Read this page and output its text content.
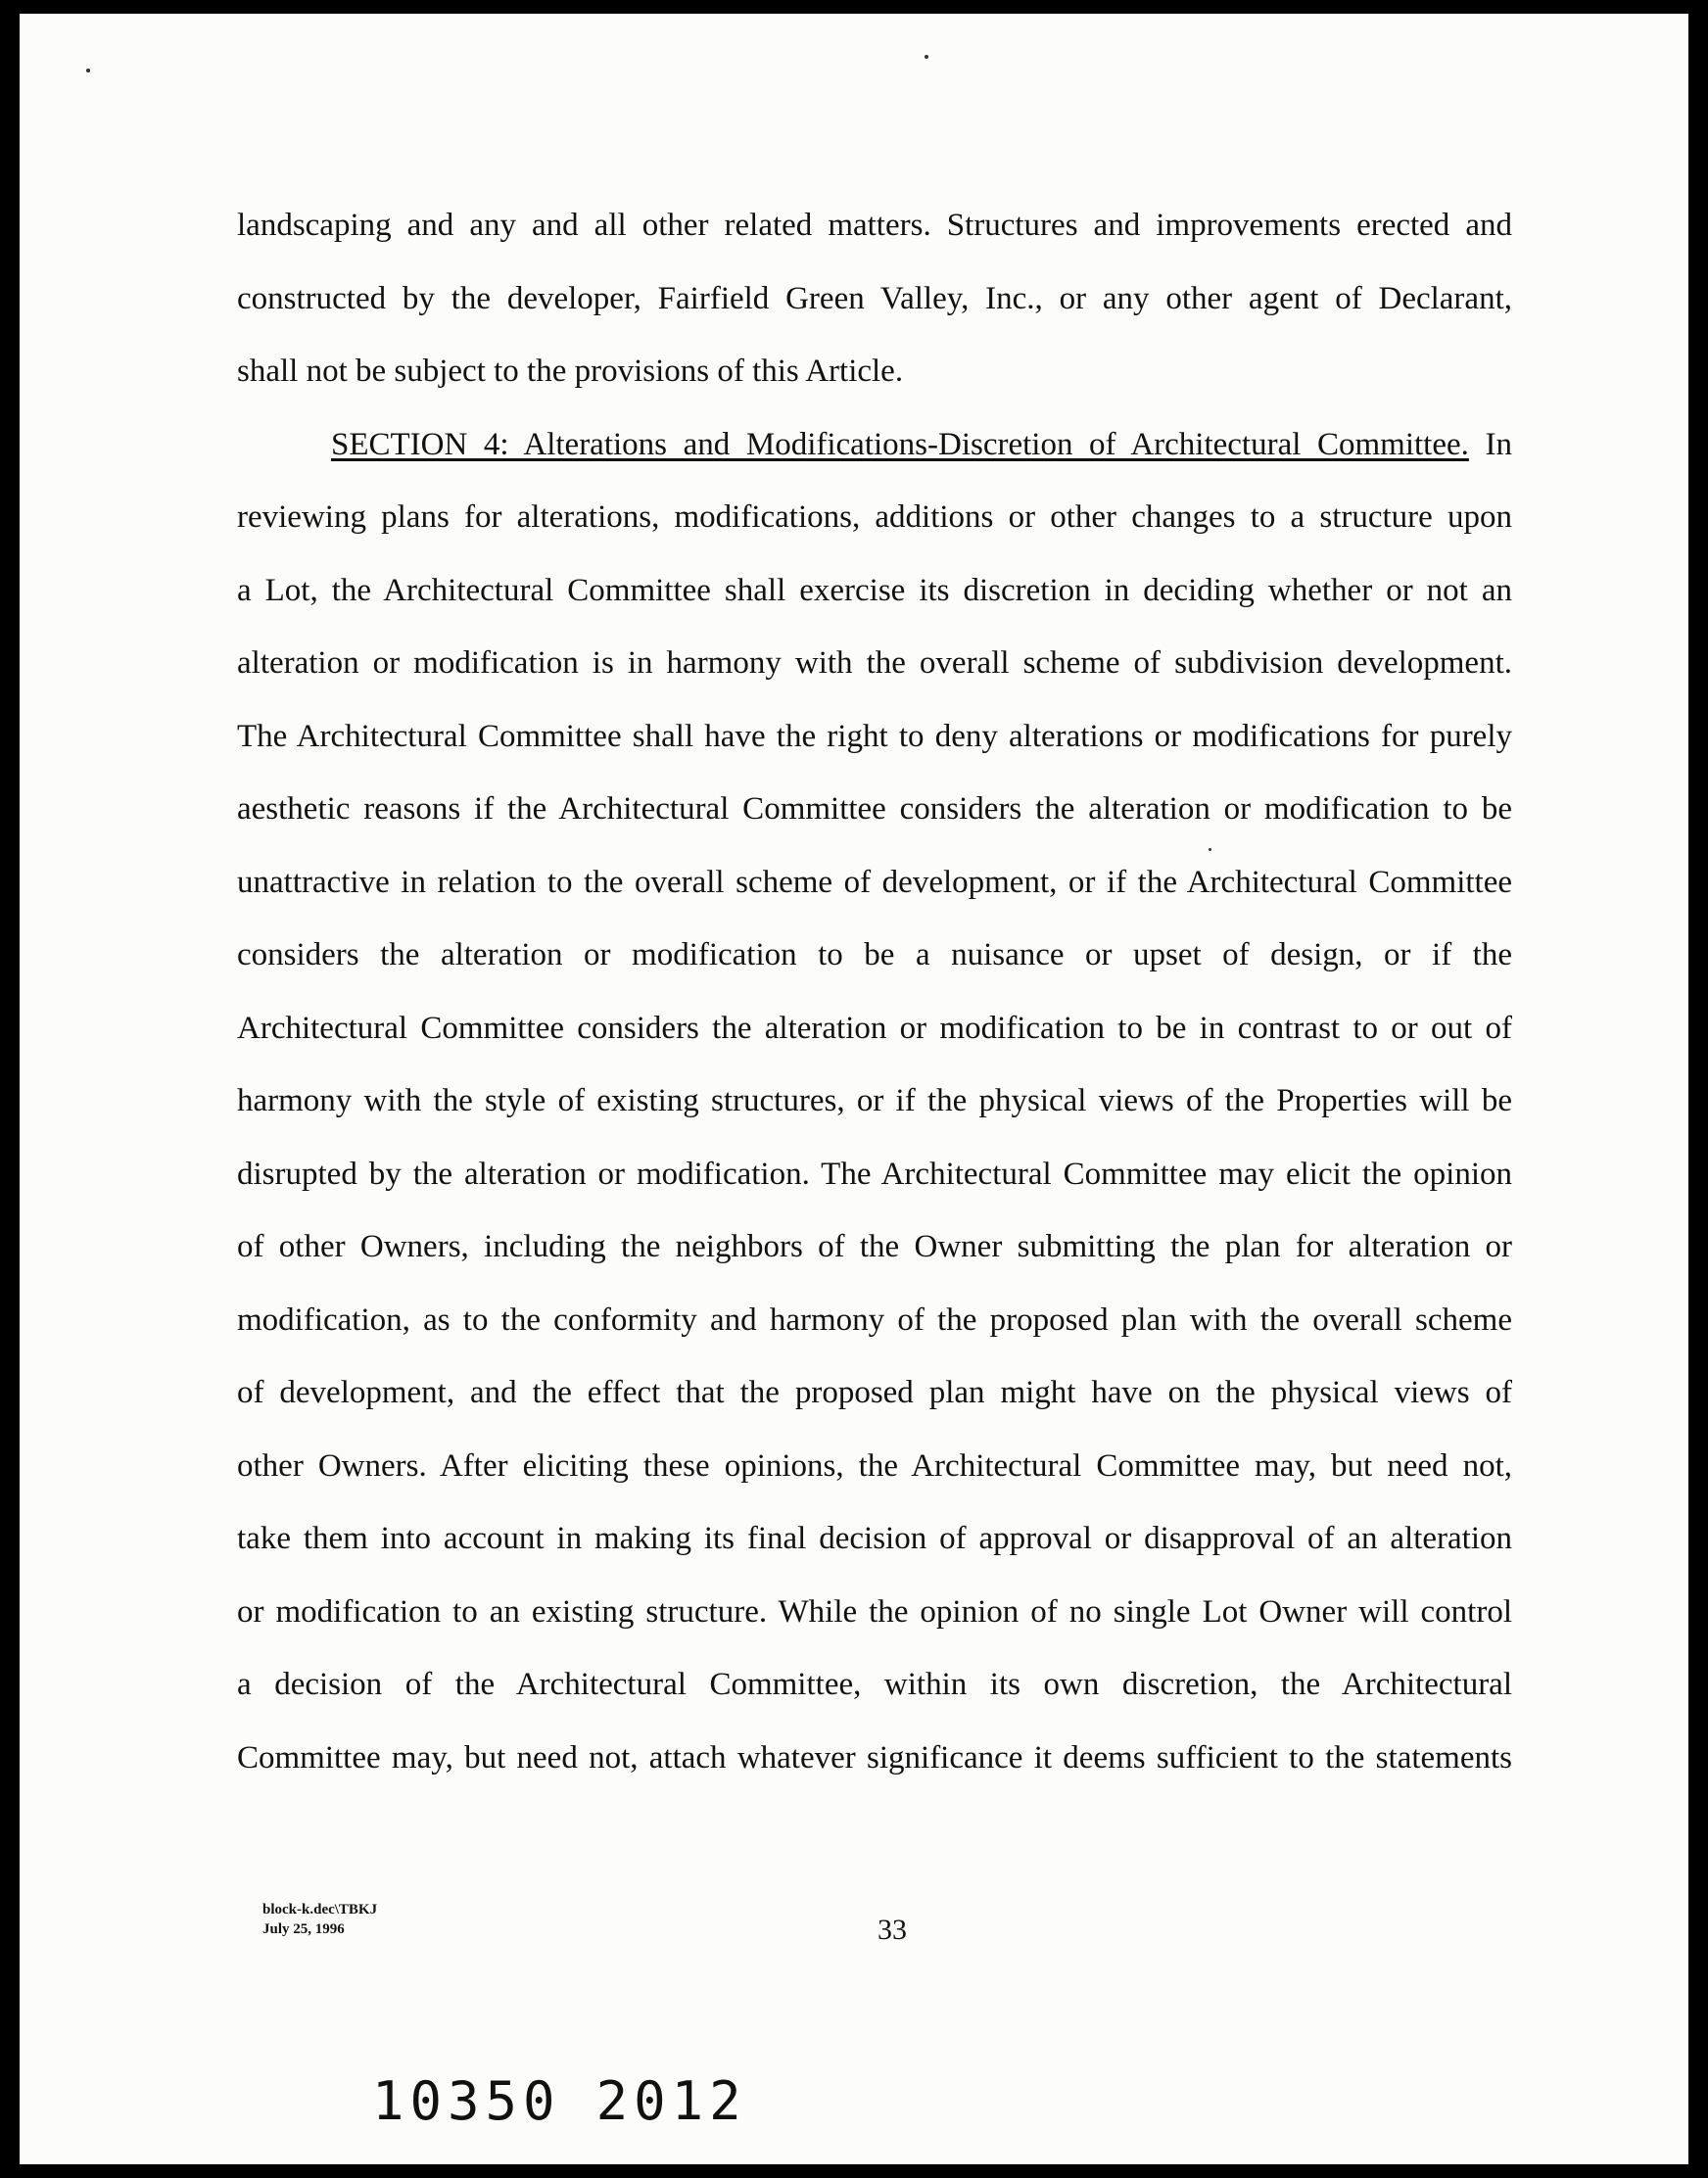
landscaping and any and all other related matters. Structures and improvements erected and
constructed by the developer, Fairfield Green Valley, Inc., or any other agent of Declarant,
shall not be subject to the provisions of this Article.
SECTION 4: Alterations and Modifications-Discretion of Architectural Committee. In
reviewing plans for alterations, modifications, additions or other changes to a structure upon
a Lot, the Architectural Committee shall exercise its discretion in deciding whether or not an
alteration or modification is in harmony with the overall scheme of subdivision development.
The Architectural Committee shall have the right to deny alterations or modifications for purely
aesthetic reasons if the Architectural Committee considers the alteration or modification to be
unattractive in relation to the overall scheme of development, or if the Architectural Committee
considers the alteration or modification to be a nuisance or upset of design, or if the
Architectural Committee considers the alteration or modification to be in contrast to or out of
harmony with the style of existing structures, or if the physical views of the Properties will be
disrupted by the alteration or modification. The Architectural Committee may elicit the opinion
of other Owners, including the neighbors of the Owner submitting the plan for alteration or
modification, as to the conformity and harmony of the proposed plan with the overall scheme
of development, and the effect that the proposed plan might have on the physical views of
other Owners. After eliciting these opinions, the Architectural Committee may, but need not,
take them into account in making its final decision of approval or disapproval of an alteration
or modification to an existing structure. While the opinion of no single Lot Owner will control
a decision of the Architectural Committee, within its own discretion, the Architectural
Committee may, but need not, attach whatever significance it deems sufficient to the statements
block-k.dec\TBKJ
July 25, 1996	33
10350 2012
